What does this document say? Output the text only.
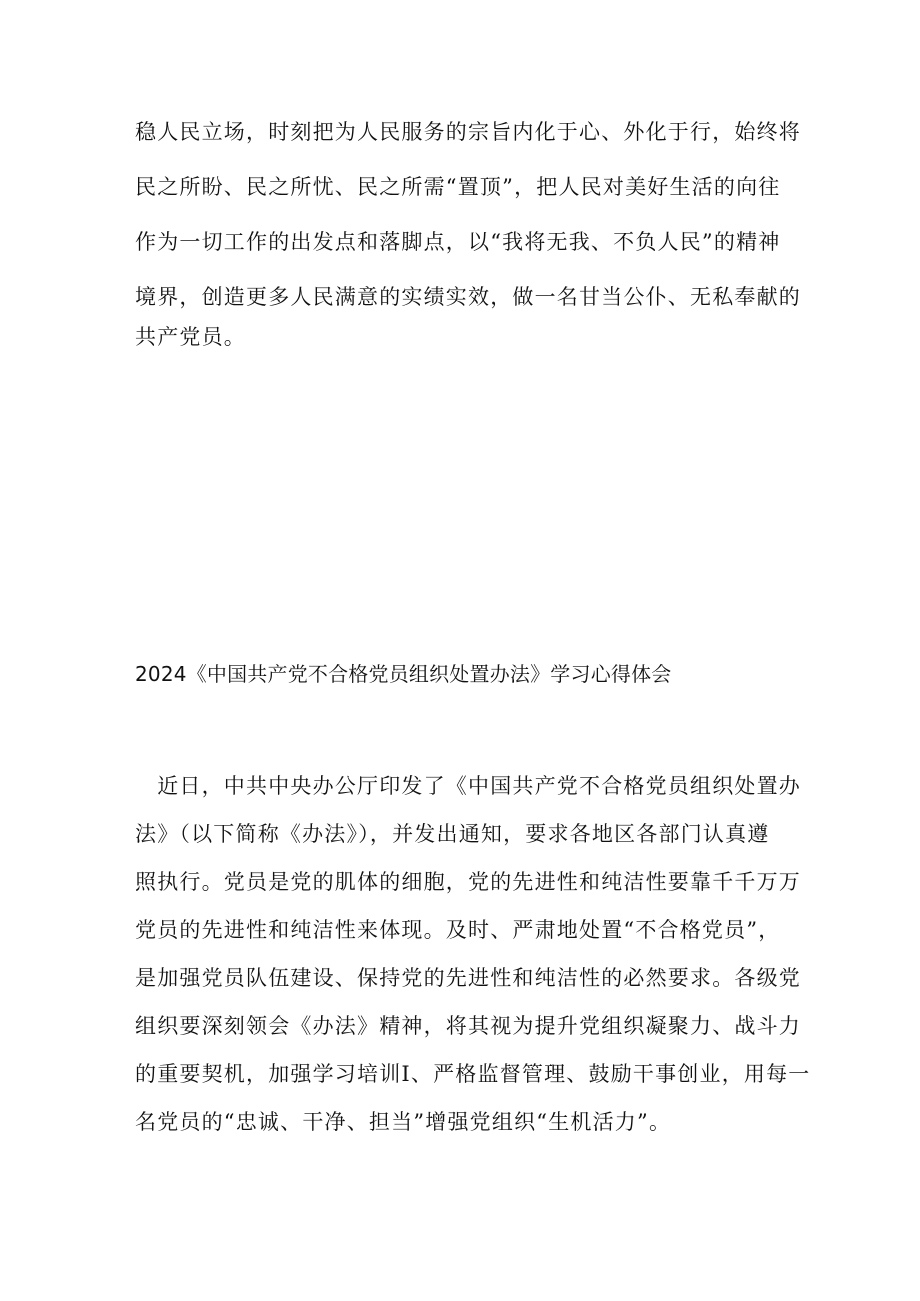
稳人民立场，时刻把为人民服务的宗旨内化于心、外化于行，始终将
民之所盼、民之所忧、民之所需“置顶”，把人民对美好生活的向往
作为一切工作的出发点和落脚点，以“我将无我、不负人民”的精神
境界，创造更多人民满意的实绩实效，做一名甘当公仆、无私奉献的
共产党员。
2024《中国共产党不合格党员组织处置办法》学习心得体会
　近日，中共中央办公厅印发了《中国共产党不合格党员组织处置办
法》（以下简称《办法》），并发出通知，要求各地区各部门认真遵
照执行。党员是党的肌体的细胞，党的先进性和纯洁性要靠千千万万
党员的先进性和纯洁性来体现。及时、严肃地处置“不合格党员”，
是加强党员队伍建设、保持党的先进性和纯洁性的必然要求。各级党
组织要深刻领会《办法》精神，将其视为提升党组织凝聚力、战斗力
的重要契机，加强学习培训I、严格监督管理、鼓励干事创业，用每一
名党员的“忠诚、干净、担当”增强党组织“生机活力”。
